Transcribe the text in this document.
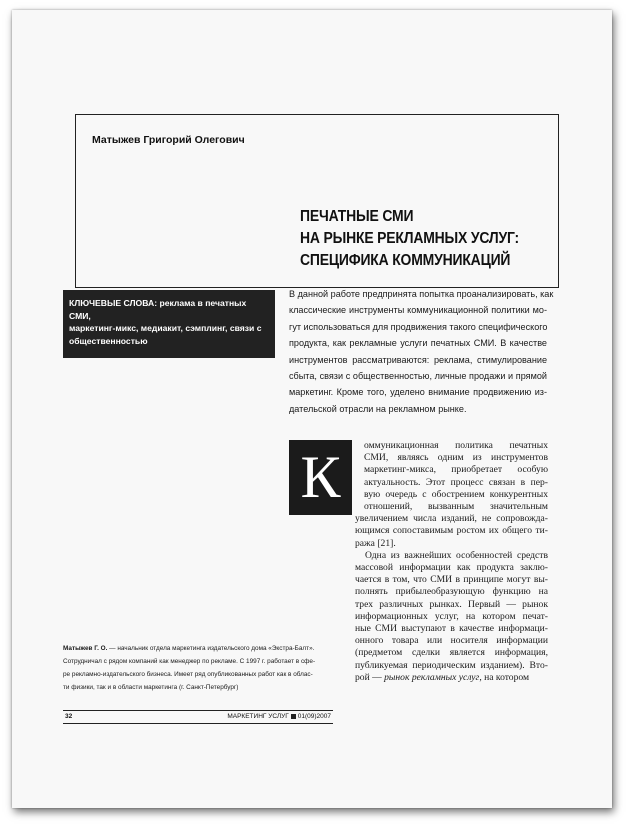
Матыжев Григорий Олегович
ПЕЧАТНЫЕ СМИ
НА РЫНКЕ РЕКЛАМНЫХ УСЛУГ:
СПЕЦИФИКА КОММУНИКАЦИЙ
КЛЮЧЕВЫЕ СЛОВА: реклама в печатных СМИ,
маркетинг-микс, медиакит, сэмплинг, связи с
общественностью
В данной работе предпринята попытка проанализировать, как
классические инструменты коммуникационной политики мо-
гут использоваться для продвижения такого специфического
продукта, как рекламные услуги печатных СМИ. В качестве
инструментов рассматриваются: реклама, стимулирование
сбыта, связи с общественностью, личные продажи и прямой
маркетинг. Кроме того, уделено внимание продвижению из-
дательской отрасли на рекламном рынке.
К	оммуникационная политика печатных
СМИ, являясь одним из инструментов
маркетинг-микса, приобретает особую
актуальность. Этот процесс связан в пер-
вую очередь с обострением конкурентных
отношений, вызванным значительным
увеличением числа изданий, не сопровожда-
ющимся сопоставимым ростом их общего ти-
ража [21].
Одна из важнейших особенностей средств
массовой информации как продукта заклю-
чается в том, что СМИ в принципе могут вы-
полнять прибылеобразующую функцию на
трех различных рынках. Первый — рынок
информационных услуг, на котором печат-
ные СМИ выступают в качестве информаци-
онного товара или носителя информации
(предметом сделки является информация,
публикуемая периодическим изданием). Вто-
рой — рынок рекламных услуг, на котором
Матыжев Г. О. — начальник отдела маркетинга издательского дома «Экстра-Балт».
Сотрудничал с рядом компаний как менеджер по рекламе. С 1997 г. работает в сфе-
ре рекламно-издательского бизнеса. Имеет ряд опубликованных работ как в облас-
ти физики, так и в области маркетинга (г. Санкт-Петербург)
32	МАРКЕТИНГ УСЛУГ 01(09)2007
